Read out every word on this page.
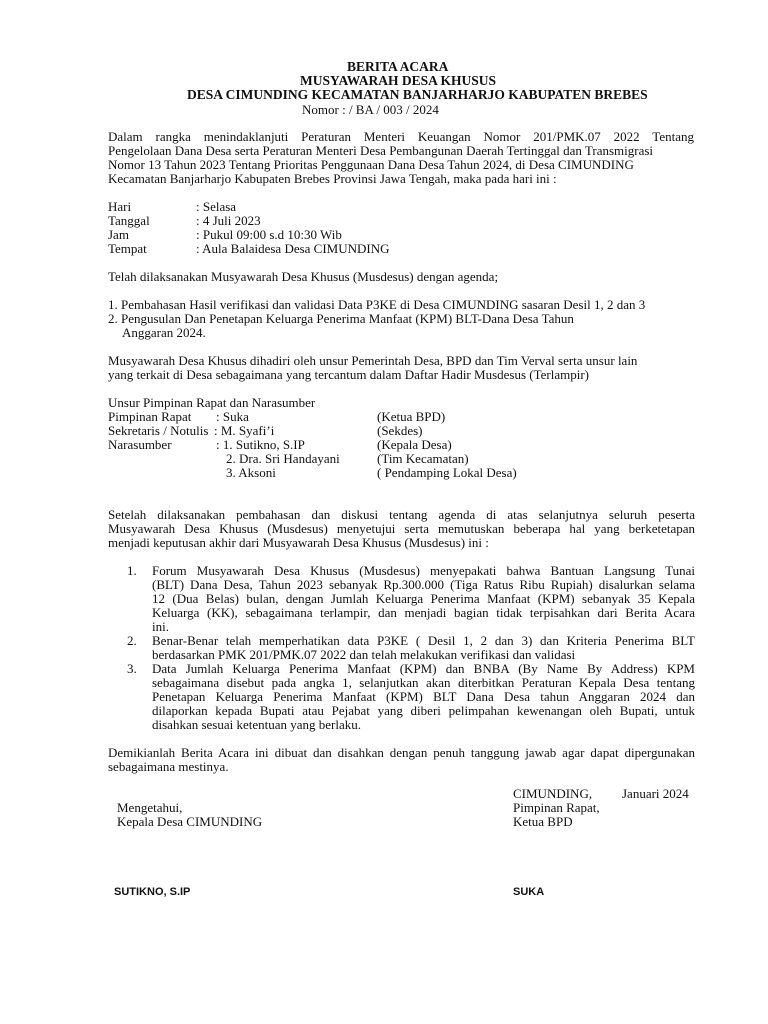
BERITA ACARA
MUSYAWARAH DESA KHUSUS
DESA CIMUNDING KECAMATAN BANJARHARJO KABUPATEN BREBES
Nomor : / BA / 003 / 2024
Dalam rangka menindaklanjuti Peraturan Menteri Keuangan Nomor 201/PMK.07 2022 Tentang
Pengelolaan Dana Desa serta Peraturan Menteri Desa Pembangunan Daerah Tertinggal dan Transmigrasi
Nomor 13 Tahun 2023 Tentang Prioritas Penggunaan Dana Desa Tahun 2024, di Desa CIMUNDING
Kecamatan Banjarharjo Kabupaten Brebes Provinsi Jawa Tengah, maka pada hari ini :
Hari	: Selasa
Tanggal	: 4 Juli 2023
Jam	: Pukul 09:00 s.d 10:30 Wib
Tempat	: Aula Balaidesa Desa CIMUNDING
Telah dilaksanakan Musyawarah Desa Khusus (Musdesus) dengan agenda;
1. Pembahasan Hasil verifikasi dan validasi Data P3KE di Desa CIMUNDING sasaran Desil 1, 2 dan 3
2. Pengusulan Dan Penetapan Keluarga Penerima Manfaat (KPM) BLT-Dana Desa Tahun
Anggaran 2024.
Musyawarah Desa Khusus dihadiri oleh unsur Pemerintah Desa, BPD dan Tim Verval serta unsur lain
yang terkait di Desa sebagaimana yang tercantum dalam Daftar Hadir Musdesus (Terlampir)
Unsur Pimpinan Rapat dan Narasumber
Pimpinan Rapat : Suka	(Ketua BPD)
Sekretaris / Notulis : M. Syafi’i	(Sekdes)
Narasumber	: 1. Sutikno, S.IP	(Kepala Desa)
2. Dra. Sri Handayani	(Tim Kecamatan)
3. Aksoni	( Pendamping Lokal Desa)
Setelah dilaksanakan pembahasan dan diskusi tentang agenda di atas selanjutnya seluruh peserta
Musyawarah Desa Khusus (Musdesus) menyetujui serta memutuskan beberapa hal yang berketetapan
menjadi keputusan akhir dari Musyawarah Desa Khusus (Musdesus) ini :
1. Forum Musyawarah Desa Khusus (Musdesus) menyepakati bahwa Bantuan Langsung Tunai
(BLT) Dana Desa, Tahun 2023 sebanyak Rp.300.000 (Tiga Ratus Ribu Rupiah) disalurkan selama
12 (Dua Belas) bulan, dengan Jumlah Keluarga Penerima Manfaat (KPM) sebanyak 35 Kepala
Keluarga (KK), sebagaimana terlampir, dan menjadi bagian tidak terpisahkan dari Berita Acara
ini.
2. Benar-Benar telah memperhatikan data P3KE ( Desil 1, 2 dan 3) dan Kriteria Penerima BLT
berdasarkan PMK 201/PMK.07 2022 dan telah melakukan verifikasi dan validasi
3. Data Jumlah Keluarga Penerima Manfaat (KPM) dan BNBA (By Name By Address) KPM
sebagaimana disebut pada angka 1, selanjutkan akan diterbitkan Peraturan Kepala Desa tentang
Penetapan Keluarga Penerima Manfaat (KPM) BLT Dana Desa tahun Anggaran 2024 dan
dilaporkan kepada Bupati atau Pejabat yang diberi pelimpahan kewenangan oleh Bupati, untuk
disahkan sesuai ketentuan yang berlaku.
Demikianlah Berita Acara ini dibuat dan disahkan dengan penuh tanggung jawab agar dapat dipergunakan
sebagaimana mestinya.
CIMUNDING, Januari 2024
Pimpinan Rapat,
Ketua BPD
Mengetahui,
Kepala Desa CIMUNDING
SUTIKNO, S.IP	SUKA
